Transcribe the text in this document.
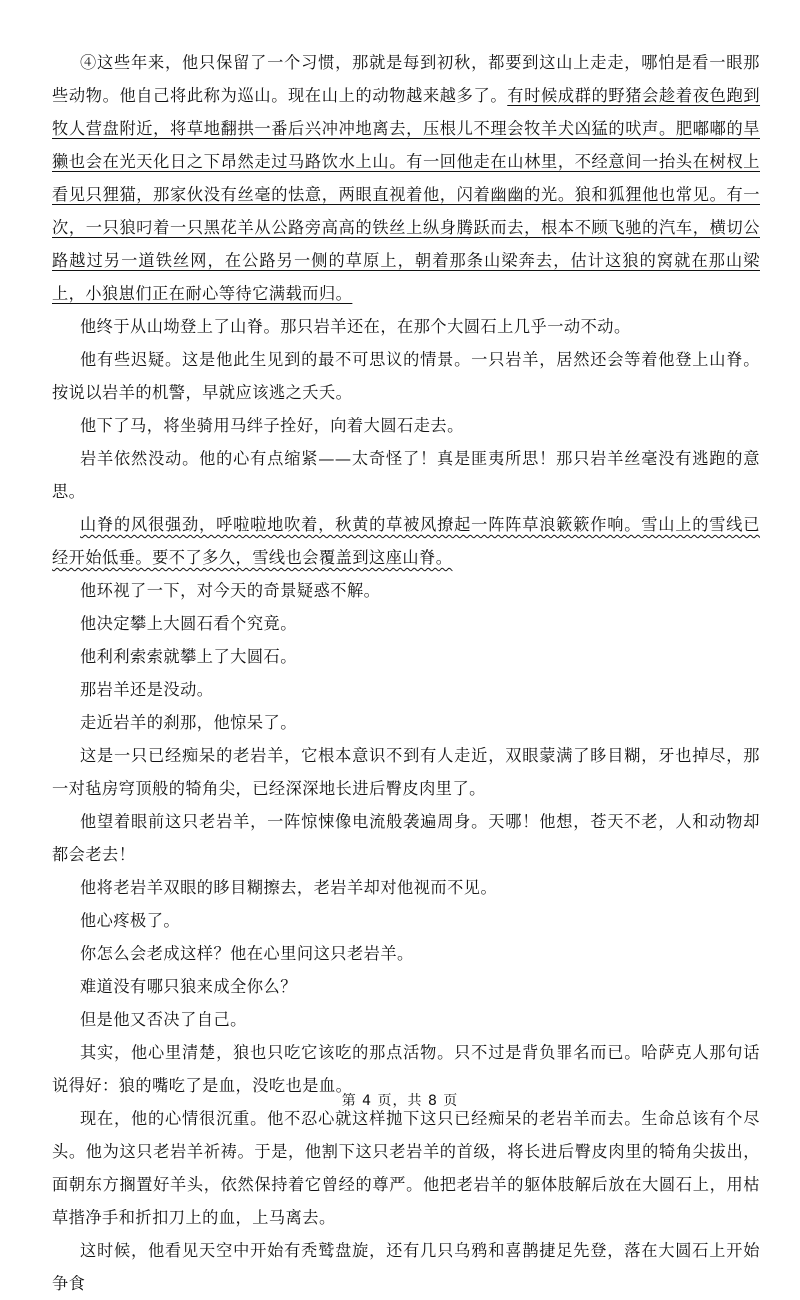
④这些年来，他只保留了一个习惯，那就是每到初秋，都要到这山上走走，哪怕是看一眼那些动物。他自己将此称为巡山。现在山上的动物越来越多了。有时候成群的野猪会趁着夜色跑到牧人营盘附近，将草地翻拱一番后兴冲冲地离去，压根儿不理会牧羊犬凶猛的吠声。肥嘟嘟的旱獭也会在光天化日之下昂然走过马路饮水上山。有一回他走在山林里，不经意间一抬头在树杈上看见只狸猫，那家伙没有丝毫的怯意，两眼直视着他，闪着幽幽的光。狼和狐狸他也常见。有一次，一只狼叼着一只黑花羊从公路旁高高的铁丝上纵身腾跃而去，根本不顾飞驰的汽车，横切公路越过另一道铁丝网，在公路另一侧的草原上，朝着那条山梁奔去，估计这狼的窝就在那山梁上，小狼崽们正在耐心等待它满载而归。

他终于从山坳登上了山脊。那只岩羊还在，在那个大圆石上几乎一动不动。

他有些迟疑。这是他此生见到的最不可思议的情景。一只岩羊，居然还会等着他登上山脊。按说以岩羊的机警，早就应该逃之夭夭。

他下了马，将坐骑用马绊子拴好，向着大圆石走去。

岩羊依然没动。他的心有点缩紧——太奇怪了！真是匪夷所思！那只岩羊丝毫没有逃跑的意思。

山脊的风很强劲，呼啦啦地吹着，秋黄的草被风撩起一阵阵草浪簌簌作响。雪山上的雪线已经开始低垂。要不了多久，雪线也会覆盖到这座山脊。

他环视了一下，对今天的奇景疑惑不解。

他决定攀上大圆石看个究竟。

他利利索索就攀上了大圆石。

那岩羊还是没动。

走近岩羊的刹那，他惊呆了。

这是一只已经痴呆的老岩羊，它根本意识不到有人走近，双眼蒙满了眵目糊，牙也掉尽，那一对毡房穹顶般的犄角尖，已经深深地长进后臀皮肉里了。

他望着眼前这只老岩羊，一阵惊悚像电流般袭遍周身。天哪！他想，苍天不老，人和动物却都会老去！

他将老岩羊双眼的眵目糊擦去，老岩羊却对他视而不见。

他心疼极了。

你怎么会老成这样？他在心里问这只老岩羊。

难道没有哪只狼来成全你么？

但是他又否决了自己。

其实，他心里清楚，狼也只吃它该吃的那点活物。只不过是背负罪名而已。哈萨克人那句话说得好：狼的嘴吃了是血，没吃也是血。

现在，他的心情很沉重。他不忍心就这样抛下这只已经痴呆的老岩羊而去。生命总该有个尽头。他为这只老岩羊祈祷。于是，他割下这只老岩羊的首级，将长进后臀皮肉里的犄角尖拔出，面朝东方搁置好羊头，依然保持着它曾经的尊严。他把老岩羊的躯体肢解后放在大圆石上，用枯草揩净手和折扣刀上的血，上马离去。

这时候，他看见天空中开始有秃鹫盘旋，还有几只乌鸦和喜鹊捷足先登，落在大圆石上开始争食

第 4 页，共 8 页
